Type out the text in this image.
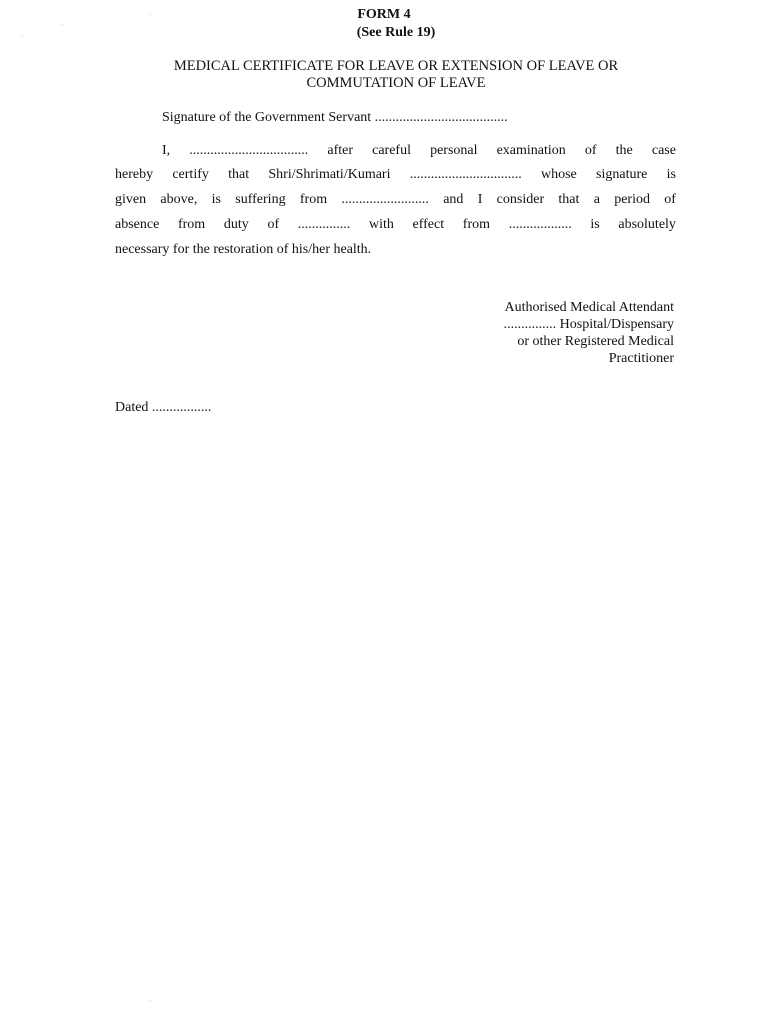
FORM 4
(See Rule 19)
MEDICAL CERTIFICATE FOR LEAVE OR EXTENSION OF LEAVE OR
COMMUTATION OF LEAVE
Signature of the Government Servant ......................................
I, .................................. after careful personal examination of the case
hereby certify that Shri/Shrimati/Kumari ................................ whose signature is
given above, is suffering from ......................... and I consider that a period of
absence from duty of ............... with effect from .................. is absolutely
necessary for the restoration of his/her health.
Authorised Medical Attendant
............... Hospital/Dispensary
or other Registered Medical
Practitioner
Dated .................
